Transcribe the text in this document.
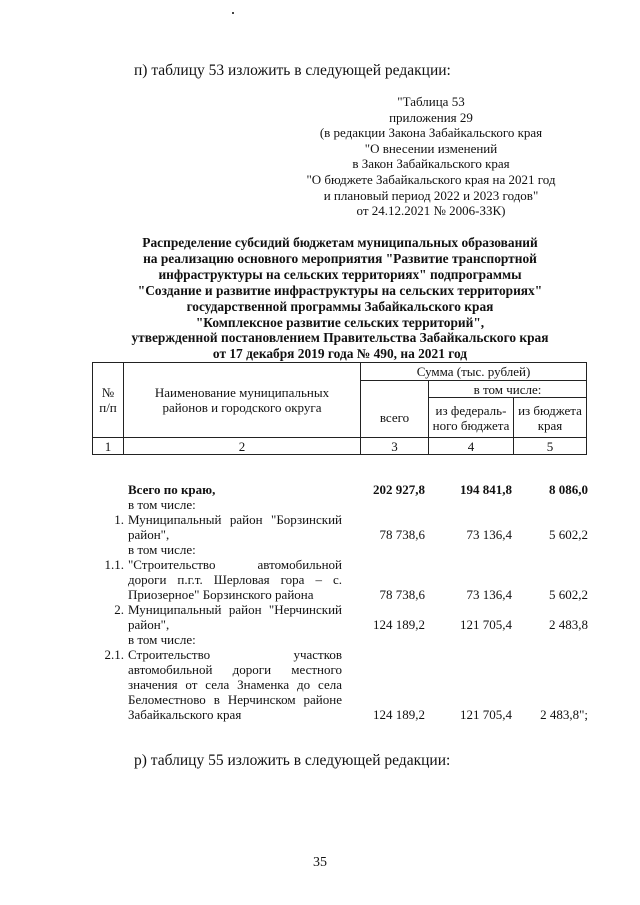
п) таблицу 53 изложить в следующей редакции:
"Таблица 53
приложения 29
(в редакции Закона Забайкальского края
"О внесении изменений
в Закон Забайкальского края
"О бюджете Забайкальского края на 2021 год
и плановый период 2022 и 2023 годов"
от 24.12.2021 № 2006-ЗЗК)
Распределение субсидий бюджетам муниципальных образований
на реализацию основного мероприятия "Развитие транспортной
инфраструктуры на сельских территориях" подпрограммы
"Создание и развитие инфраструктуры на сельских территориях"
государственной программы Забайкальского края
"Комплексное развитие сельских территорий",
утвержденной постановлением Правительства Забайкальского края
от 17 декабря 2019 года № 490, на 2021 год
№ п/п	Наименование муниципальных районов и городского округа	Сумма (тыс. рублей)		
			в том числе:	
		всего	из федераль-ного бюджета	из бюджета края
1	2	3	4	5
Всего по краю,	202 927,8	194 841,8	8 086,0
в том числе:
1. Муниципальный район "Борзинский район",	78 738,6	73 136,4	5 602,2
в том числе:
1.1. "Строительство автомобильной дороги п.г.т. Шерловая гора – с. Приозерное" Борзинского района	78 738,6	73 136,4	5 602,2
2. Муниципальный район "Нерчинский район",	124 189,2	121 705,4	2 483,8
в том числе:
2.1. Строительство участков автомобильной дороги местного значения от села Знаменка до села Беломестново в Нерчинском районе Забайкальского края	124 189,2	121 705,4	2 483,8";
р) таблицу 55 изложить в следующей редакции:
35
